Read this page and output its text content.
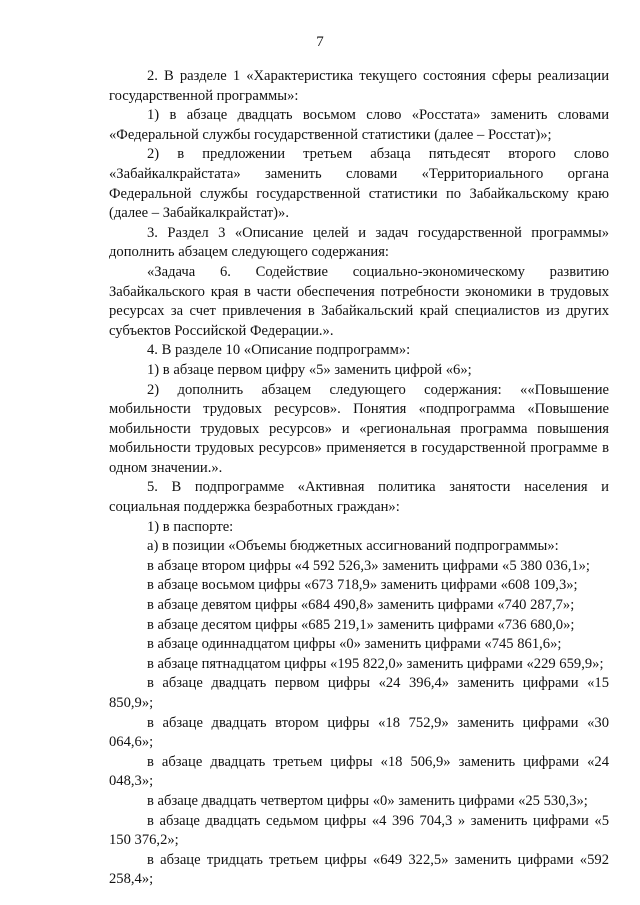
7

2. В разделе 1 «Характеристика текущего состояния сферы реализации государственной программы»:

1) в абзаце двадцать восьмом слово «Росстата» заменить словами «Федеральной службы государственной статистики (далее – Росстат)»;

2) в предложении третьем абзаца пятьдесят второго слово «Забайкалкрайстата» заменить словами «Территориального органа Федеральной службы государственной статистики по Забайкальскому краю (далее – Забайкалкрайстат)».

3. Раздел 3 «Описание целей и задач государственной программы» дополнить абзацем следующего содержания:

«Задача 6. Содействие социально-экономическому развитию Забайкальского края в части обеспечения потребности экономики в трудовых ресурсах за счет привлечения в Забайкальский край специалистов из других субъектов Российской Федерации.».

4. В разделе 10 «Описание подпрограмм»:

1) в абзаце первом цифру «5» заменить цифрой «6»;

2) дополнить абзацем следующего содержания: ««Повышение мобильности трудовых ресурсов». Понятия «подпрограмма «Повышение мобильности трудовых ресурсов» и «региональная программа повышения мобильности трудовых ресурсов» применяется в государственной программе в одном значении.».

5. В подпрограмме «Активная политика занятости населения и социальная поддержка безработных граждан»:

1) в паспорте:

а) в позиции «Объемы бюджетных ассигнований подпрограммы»:

в абзаце втором цифры «4 592 526,3» заменить цифрами «5 380 036,1»;

в абзаце восьмом цифры «673 718,9» заменить цифрами «608 109,3»;

в абзаце девятом цифры «684 490,8» заменить цифрами «740 287,7»;

в абзаце десятом цифры «685 219,1» заменить цифрами «736 680,0»;

в абзаце одиннадцатом цифры «0» заменить цифрами «745 861,6»;

в абзаце пятнадцатом цифры «195 822,0» заменить цифрами «229 659,9»;

в абзаце двадцать первом цифры «24 396,4» заменить цифрами «15 850,9»;

в абзаце двадцать втором цифры «18 752,9» заменить цифрами «30 064,6»;

в абзаце двадцать третьем цифры «18 506,9» заменить цифрами «24 048,3»;

в абзаце двадцать четвертом цифры «0» заменить цифрами «25 530,3»;

в абзаце двадцать седьмом цифры «4 396 704,3 » заменить цифрами «5 150 376,2»;

в абзаце тридцать третьем цифры «649 322,5» заменить цифрами «592 258,4»;
